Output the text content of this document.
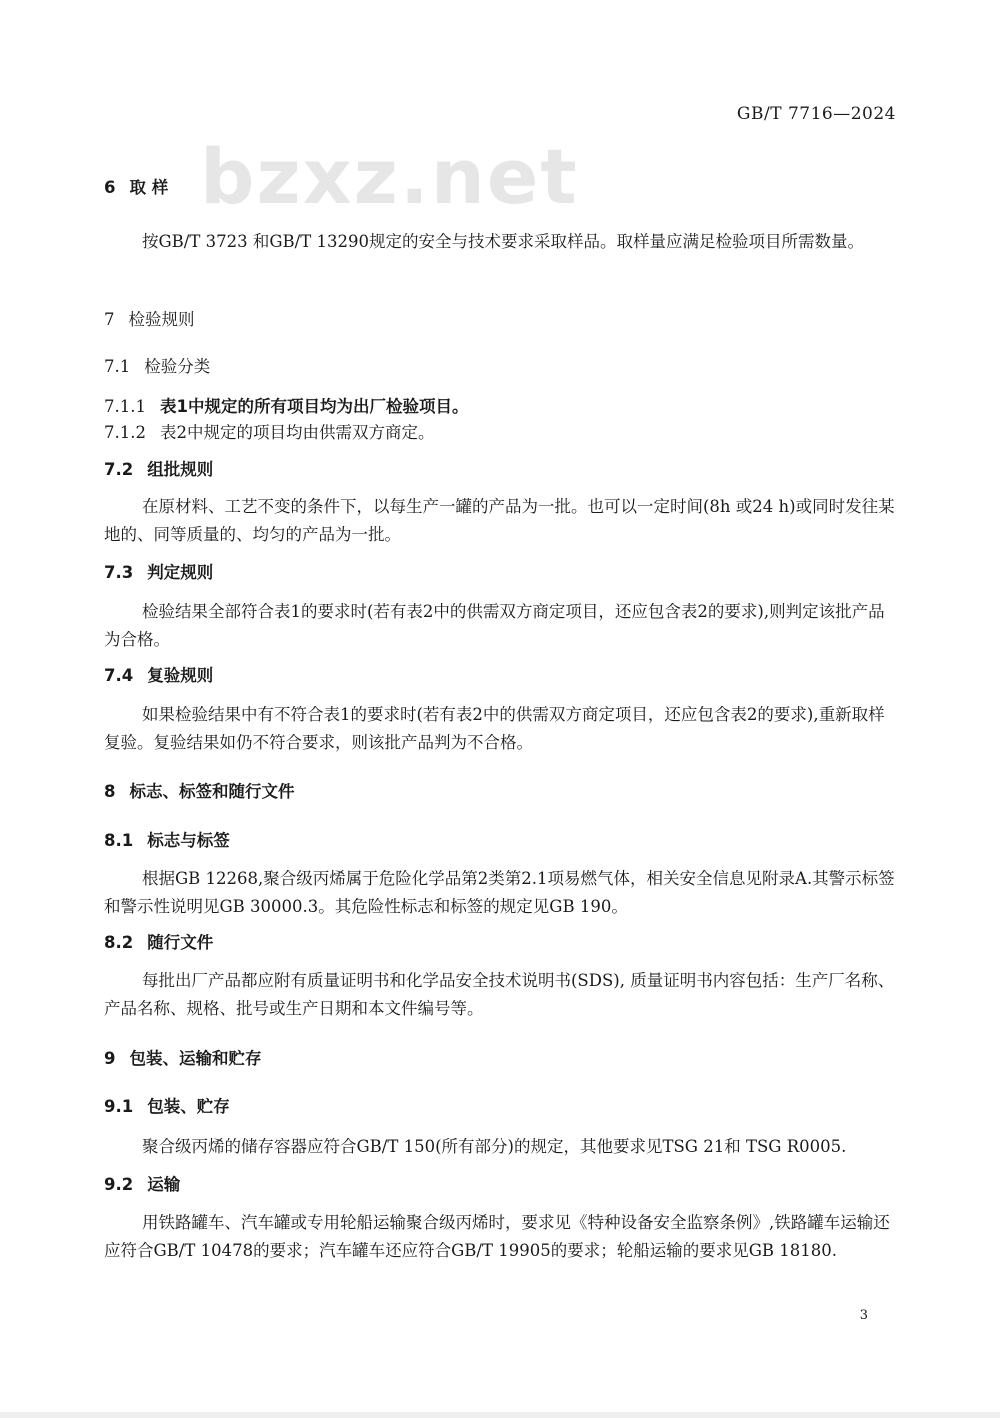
GB/T 7716—2024
bzxz.net
6 取 样
按GB/T 3723 和GB/T 13290规定的安全与技术要求采取样品。取样量应满足检验项目所需数量。
7 检验规则
7.1 检验分类
7.1.1 表1中规定的所有项目均为出厂检验项目。
7.1.2 表2中规定的项目均由供需双方商定。
7.2 组批规则
在原材料、工艺不变的条件下，以每生产一罐的产品为一批。也可以一定时间(8h 或24 h)或同时发往某地的、同等质量的、均匀的产品为一批。
7.3 判定规则
检验结果全部符合表1的要求时(若有表2中的供需双方商定项目，还应包含表2的要求),则判定该批产品为合格。
7.4 复验规则
如果检验结果中有不符合表1的要求时(若有表2中的供需双方商定项目，还应包含表2的要求),重新取样复验。复验结果如仍不符合要求，则该批产品判为不合格。
8 标志、标签和随行文件
8.1 标志与标签
根据GB 12268,聚合级丙烯属于危险化学品第2类第2.1项易燃气体，相关安全信息见附录A.其警示标签和警示性说明见GB 30000.3。其危险性标志和标签的规定见GB 190。
8.2 随行文件
每批出厂产品都应附有质量证明书和化学品安全技术说明书(SDS), 质量证明书内容包括：生产厂名称、产品名称、规格、批号或生产日期和本文件编号等。
9 包装、运输和贮存
9.1 包装、贮存
聚合级丙烯的储存容器应符合GB/T 150(所有部分)的规定，其他要求见TSG 21和 TSG R0005.
9.2 运输
用铁路罐车、汽车罐或专用轮船运输聚合级丙烯时，要求见《特种设备安全监察条例》,铁路罐车运输还应符合GB/T 10478的要求；汽车罐车还应符合GB/T 19905的要求；轮船运输的要求见GB 18180.
3
